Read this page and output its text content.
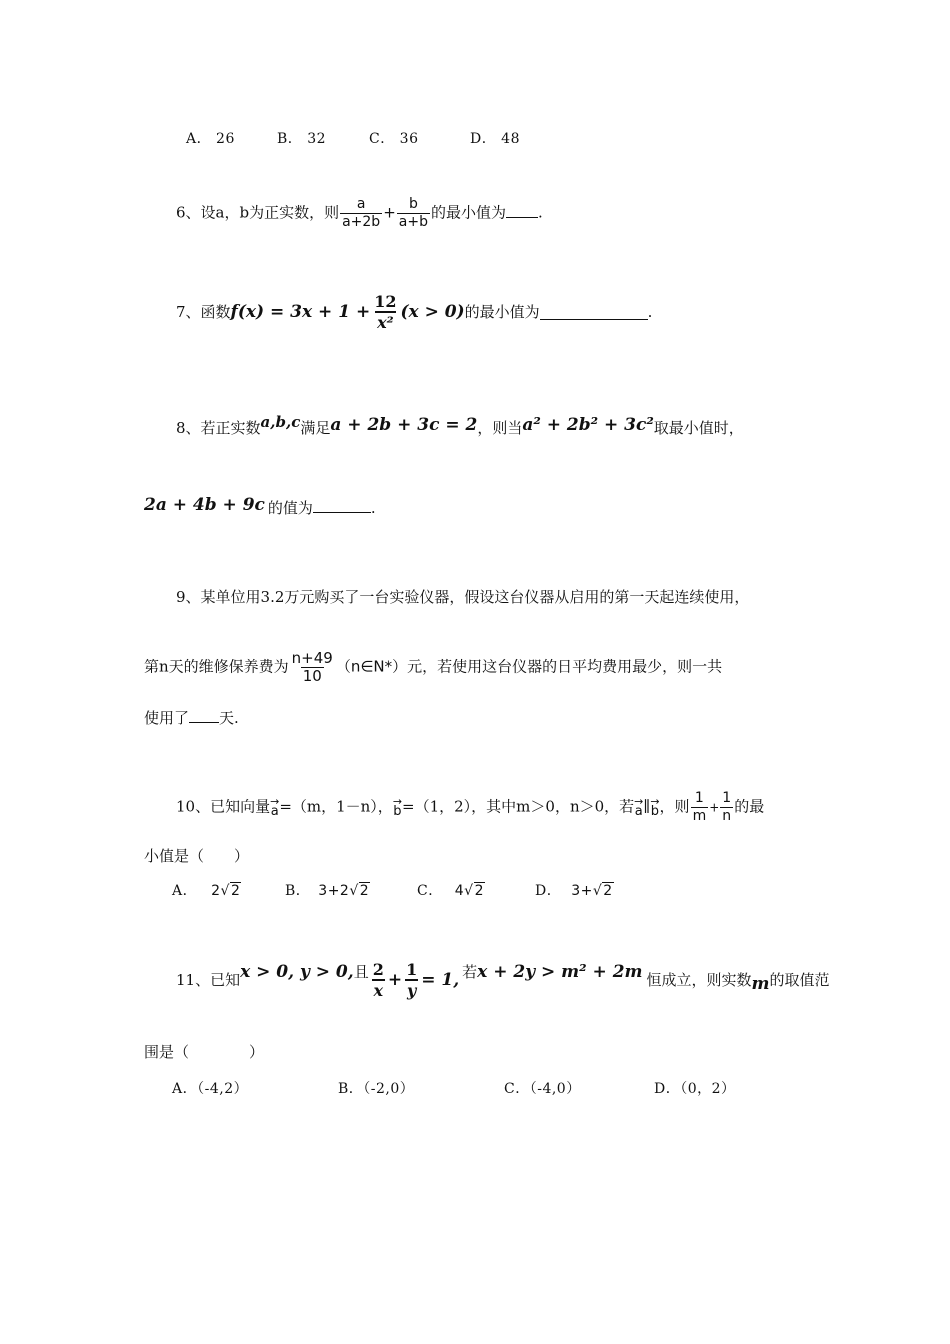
A． 26	B． 32	C． 36	D． 48
6、设a，b为正实数，则 $\frac{a}{a+2b} + \frac{b}{a+b}$ 的最小值为 .
7、函数$f(x) = 3x + 1 + \frac{12}{\text{x²}} (x > 0)$的最小值为	.
8、若正实数a,b,c满足a + 2b + 3c = 2，则当a² + 2b² + 3c²取最小值时，
2a + 4b + 9c 的值为	.
9、某单位用3.2万元购买了一台实验仪器，假设这台仪器从启用的第一天起连续使用，
第n天的维修保养费为 $\frac{n+49}{10}$ （n∈N*）元，若使用这台仪器的日平均费用最少，则一共
使用了 天.
10、已知向量 →
a =（m，1－n）， →
b =（1，2），其中m＞0，n＞0，若 →
a ∥ →
b ，则 $\frac{1}{m} + \frac{1}{n}$ 的最
小值是（　　）
A． 2√2	B． 3+2√2	C． 4√2	D． 3+√2
11、已知x > 0, y > 0,且 $\frac{2}{x} + \frac{1}{y} = 1$, 若x + 2y > m² + 2m 恒成立，则实数m的取值范
围是（　　　　）
A．（-4,2）	B．（-2,0）	C．（-4,0）	D．（0，2）
